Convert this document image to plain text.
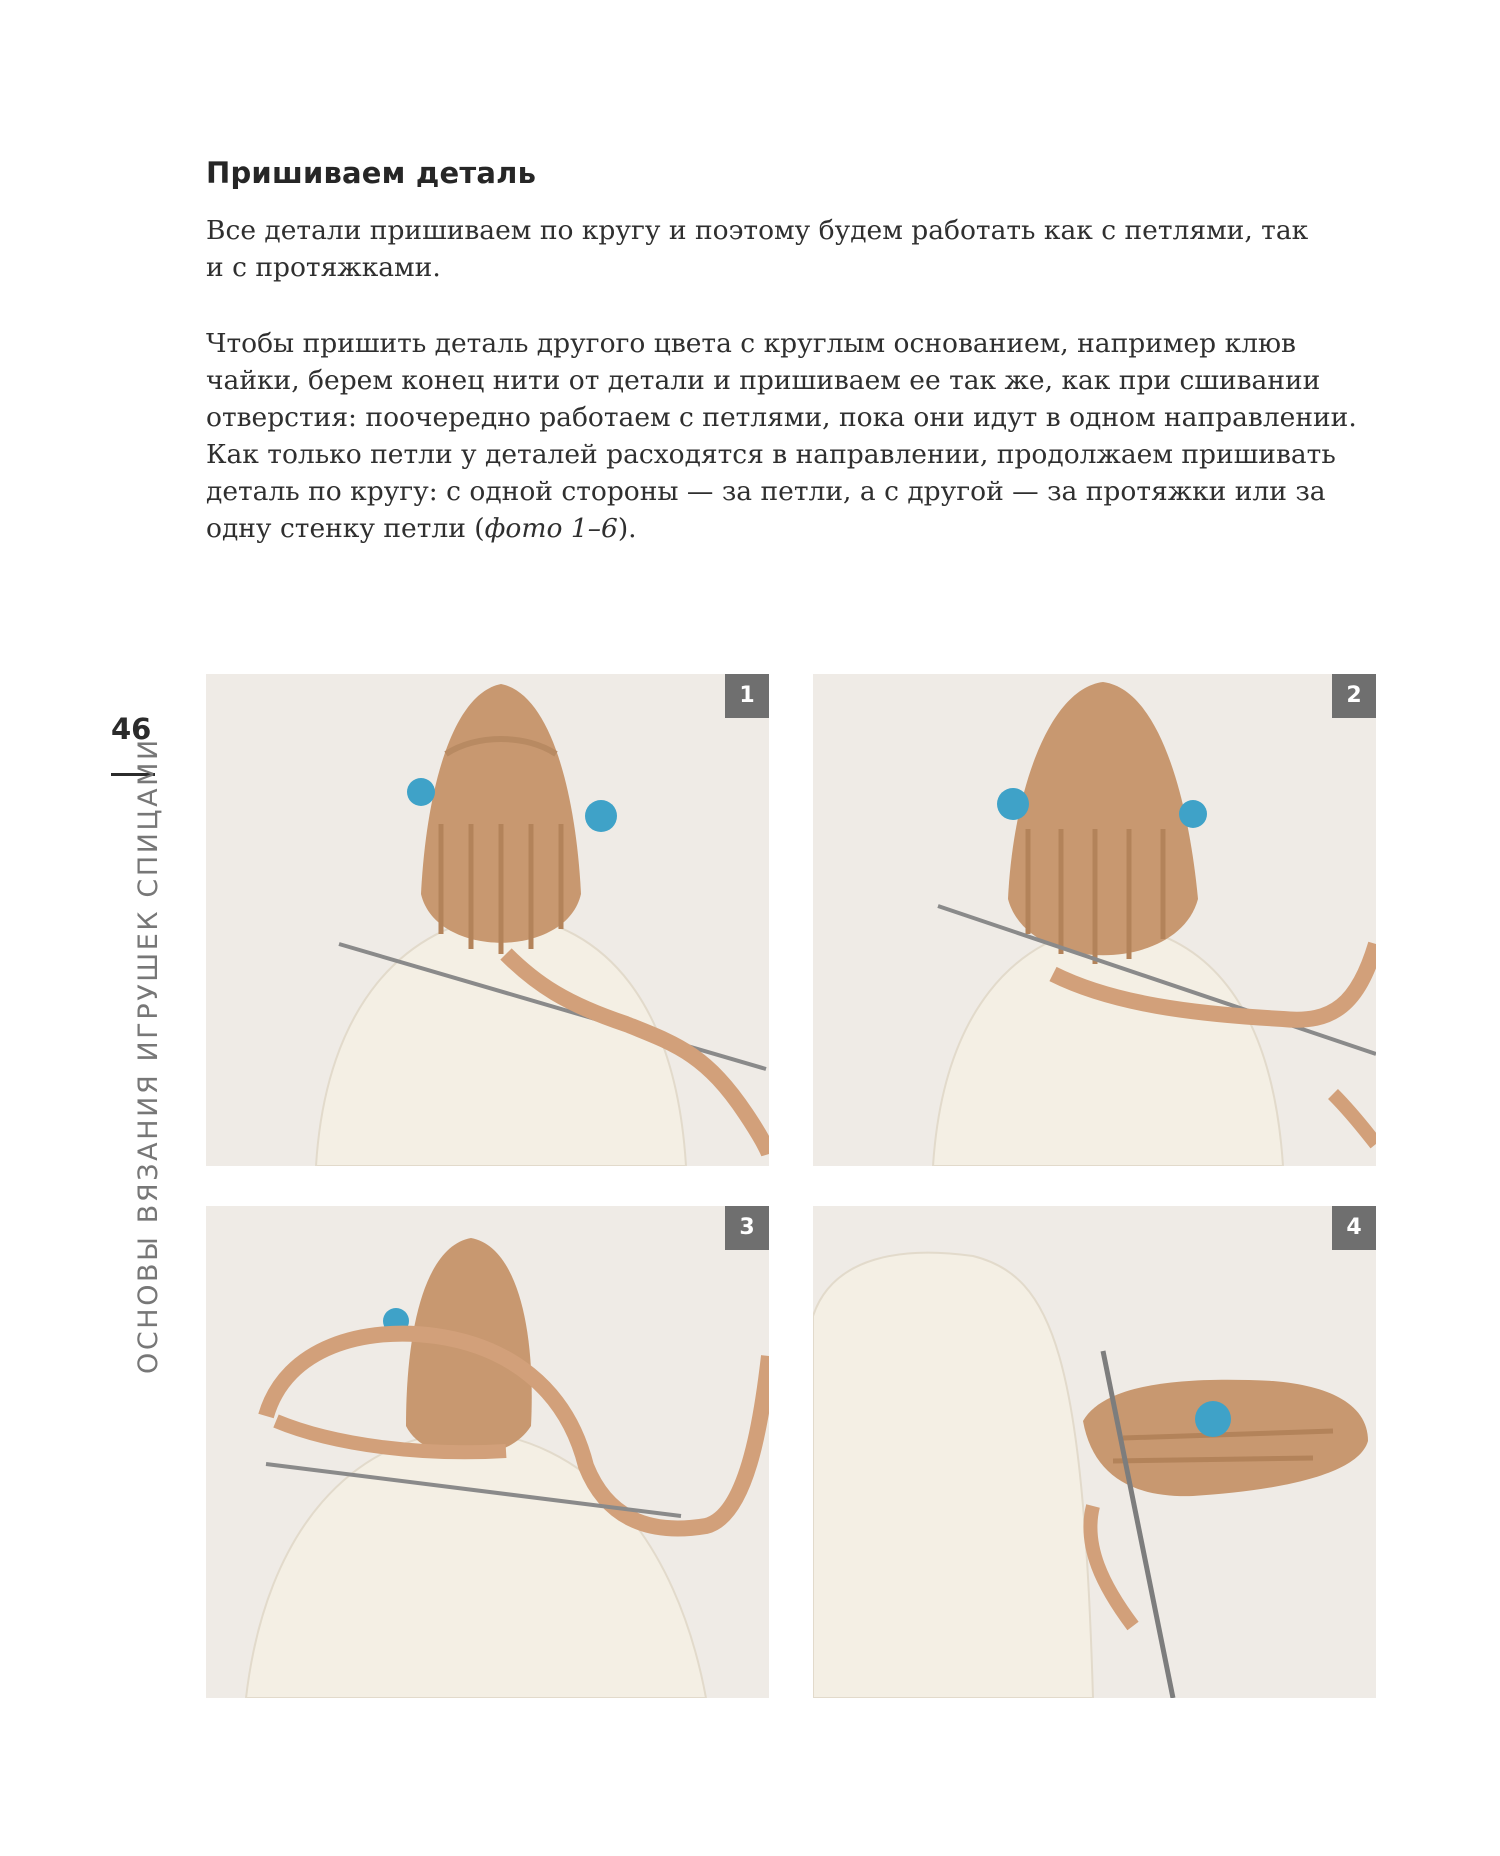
Пришиваем деталь
Все детали пришиваем по кругу и поэтому будем работать как с петлями, так
и с протяжками.
Чтобы пришить деталь другого цвета с круглым основанием, например клюв
чайки, берем конец нити от детали и пришиваем ее так же, как при сшивании
отверстия: поочередно работаем с петлями, пока они идут в одном направлении.
Как только петли у деталей расходятся в направлении, продолжаем пришивать
деталь по кругу: с одной стороны — за петли, а с другой — за протяжки или за
одну стенку петли (фото 1–6).
46
ОСНОВЫ ВЯЗАНИЯ ИГРУШЕК СПИЦАМИ
1	2
3	4
